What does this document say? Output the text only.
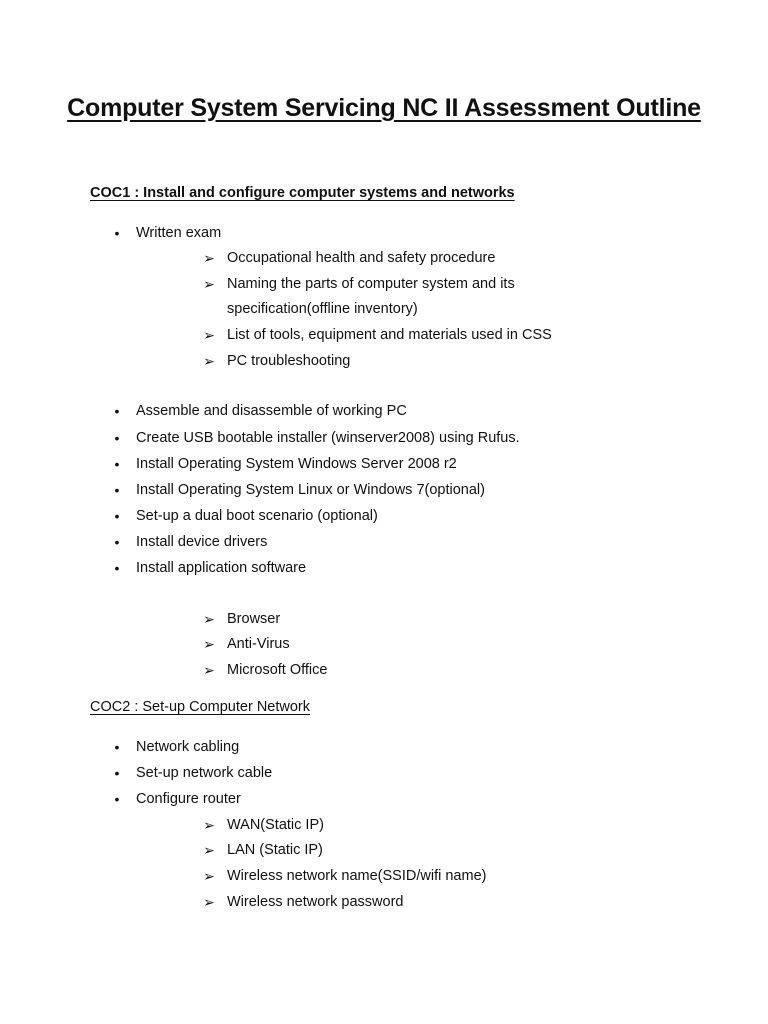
Computer System Servicing NC II Assessment Outline
COC1 : Install and configure computer systems and networks
• Written exam
➢ Occupational health and safety procedure
➢ Naming the parts of computer system and its
specification(offline inventory)
➢ List of tools, equipment and materials used in CSS
➢ PC troubleshooting
• Assemble and disassemble of working PC
• Create USB bootable installer (winserver2008) using Rufus.
• Install Operating System Windows Server 2008 r2
• Install Operating System Linux or Windows 7(optional)
• Set-up a dual boot scenario (optional)
• Install device drivers
• Install application software
➢ Browser
➢ Anti-Virus
➢ Microsoft Office
COC2 : Set-up Computer Network
• Network cabling
• Set-up network cable
• Configure router
➢ WAN(Static IP)
➢ LAN (Static IP)
➢ Wireless network name(SSID/wifi name)
➢ Wireless network password
